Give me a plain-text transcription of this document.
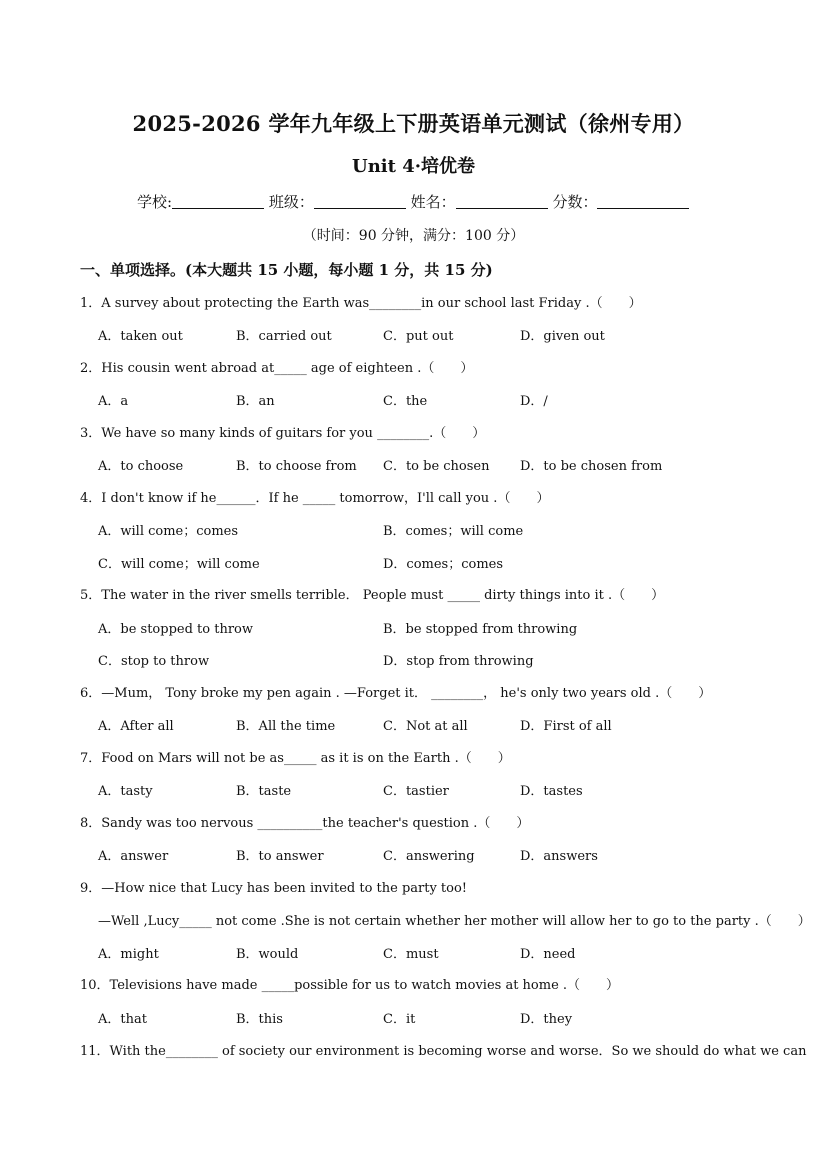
2025-2026 学年九年级上下册英语单元测试（徐州专用）
Unit 4·培优卷
学校:	班级：	姓名：	分数：
（时间：90 分钟，满分：100 分）
一、单项选择。(本大题共 15 小题，每小题 1 分，共 15 分)
1．A survey about protecting the Earth was________in our school last Friday .（　　）
A．taken out	B．carried out	C．put out	D．given out
2．His cousin went abroad at_____ age of eighteen .（　　）
A．a	B．an	C．the	D．/
3．We have so many kinds of guitars for you ________.（　　）
A．to choose	B．to choose from C．to be chosen D．to be chosen from
4．I don't know if he______．If he _____ tomorrow，I'll call you .（　　）
A．will come；comes	B．comes；will come
C．will come；will come	D．comes；comes
5．The water in the river smells terrible． People must _____ dirty things into it .（　　）
A．be stopped to throw	B．be stopped from throwing
C．stop to throw	D．stop from throwing
6．—Mum， Tony broke my pen again . —Forget it． ________， he's only two years old .（　　）
A．After all	B．All the time	C．Not at all	D．First of all
7．Food on Mars will not be as_____ as it is on the Earth .（　　）
A．tasty	B．taste	C．tastier	D．tastes
8．Sandy was too nervous __________the teacher's question .（　　）
A．answer	B．to answer	C．answering	D．answers
9．—How nice that Lucy has been invited to the party too!
—Well ,Lucy_____ not come .She is not certain whether her mother will allow her to go to the party .（　　）
A．might	B．would	C．must	D．need
10．Televisions have made _____possible for us to watch movies at home .（　　）
A．that	B．this	C．it	D．they
11．With the________ of society our environment is becoming worse and worse．So we should do what we can
